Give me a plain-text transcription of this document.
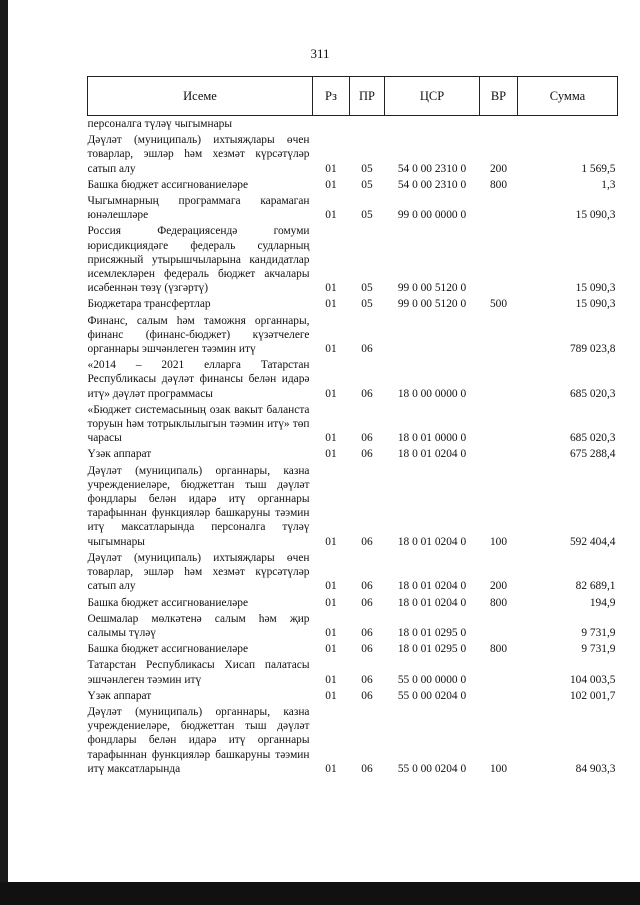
311
Исеме	Рз	ПР	ЦСР	ВР	Сумма
персоналга түләү чыгымнары					
Дәүләт (муниципаль) ихтыяҗлары өчен товарлар, эшләр һәм хезмәт күрсәтүләр сатып алу	01	05	54 0 00 2310 0	200	1 569,5
Башка бюджет ассигнованиеләре	01	05	54 0 00 2310 0	800	1,3
Чыгымнарның программага карамаган юнәлешләре	01	05	99 0 00 0000 0		15 090,3
Россия Федерациясендә гомуми юрисдикциядәге федераль судларның присяжный утырышчыларына кандидатлар исемлекләрен федераль бюджет акчалары исәбеннән төзү (үзгәртү)	01	05	99 0 00 5120 0		15 090,3
Бюджетара трансфертлар	01	05	99 0 00 5120 0	500	15 090,3
Финанс, салым һәм таможня органнары, финанс (финанс-бюджет) күзәтчелеге органнары эшчәнлеген тәэмин итү	01	06			789 023,8
«2014 – 2021 елларга Татарстан Республикасы дәүләт финансы белән идарә итү» дәүләт программасы	01	06	18 0 00 0000 0		685 020,3
«Бюджет системасының озак вакыт баланста торуын һәм тотрыклылыгын тәэмин итү» төп чарасы	01	06	18 0 01 0000 0		685 020,3
Үзәк аппарат	01	06	18 0 01 0204 0		675 288,4
Дәүләт (муниципаль) органнары, казна учреждениеләре, бюджеттан тыш дәүләт фондлары белән идарә итү органнары тарафыннан функцияләр башкаруны тәэмин итү максатларында персоналга түләү чыгымнары	01	06	18 0 01 0204 0	100	592 404,4
Дәүләт (муниципаль) ихтыяҗлары өчен товарлар, эшләр һәм хезмәт күрсәтүләр сатып алу	01	06	18 0 01 0204 0	200	82 689,1
Башка бюджет ассигнованиеләре	01	06	18 0 01 0204 0	800	194,9
Оешмалар мөлкәтенә салым һәм җир салымы түләү	01	06	18 0 01 0295 0		9 731,9
Башка бюджет ассигнованиеләре	01	06	18 0 01 0295 0	800	9 731,9
Татарстан Республикасы Хисап палатасы эшчәнлеген тәэмин итү	01	06	55 0 00 0000 0		104 003,5
Үзәк аппарат	01	06	55 0 00 0204 0		102 001,7
Дәүләт (муниципаль) органнары, казна учреждениеләре, бюджеттан тыш дәүләт фондлары белән идарә итү органнары тарафыннан функцияләр башкаруны тәэмин итү максатларында	01	06	55 0 00 0204 0	100	84 903,3
